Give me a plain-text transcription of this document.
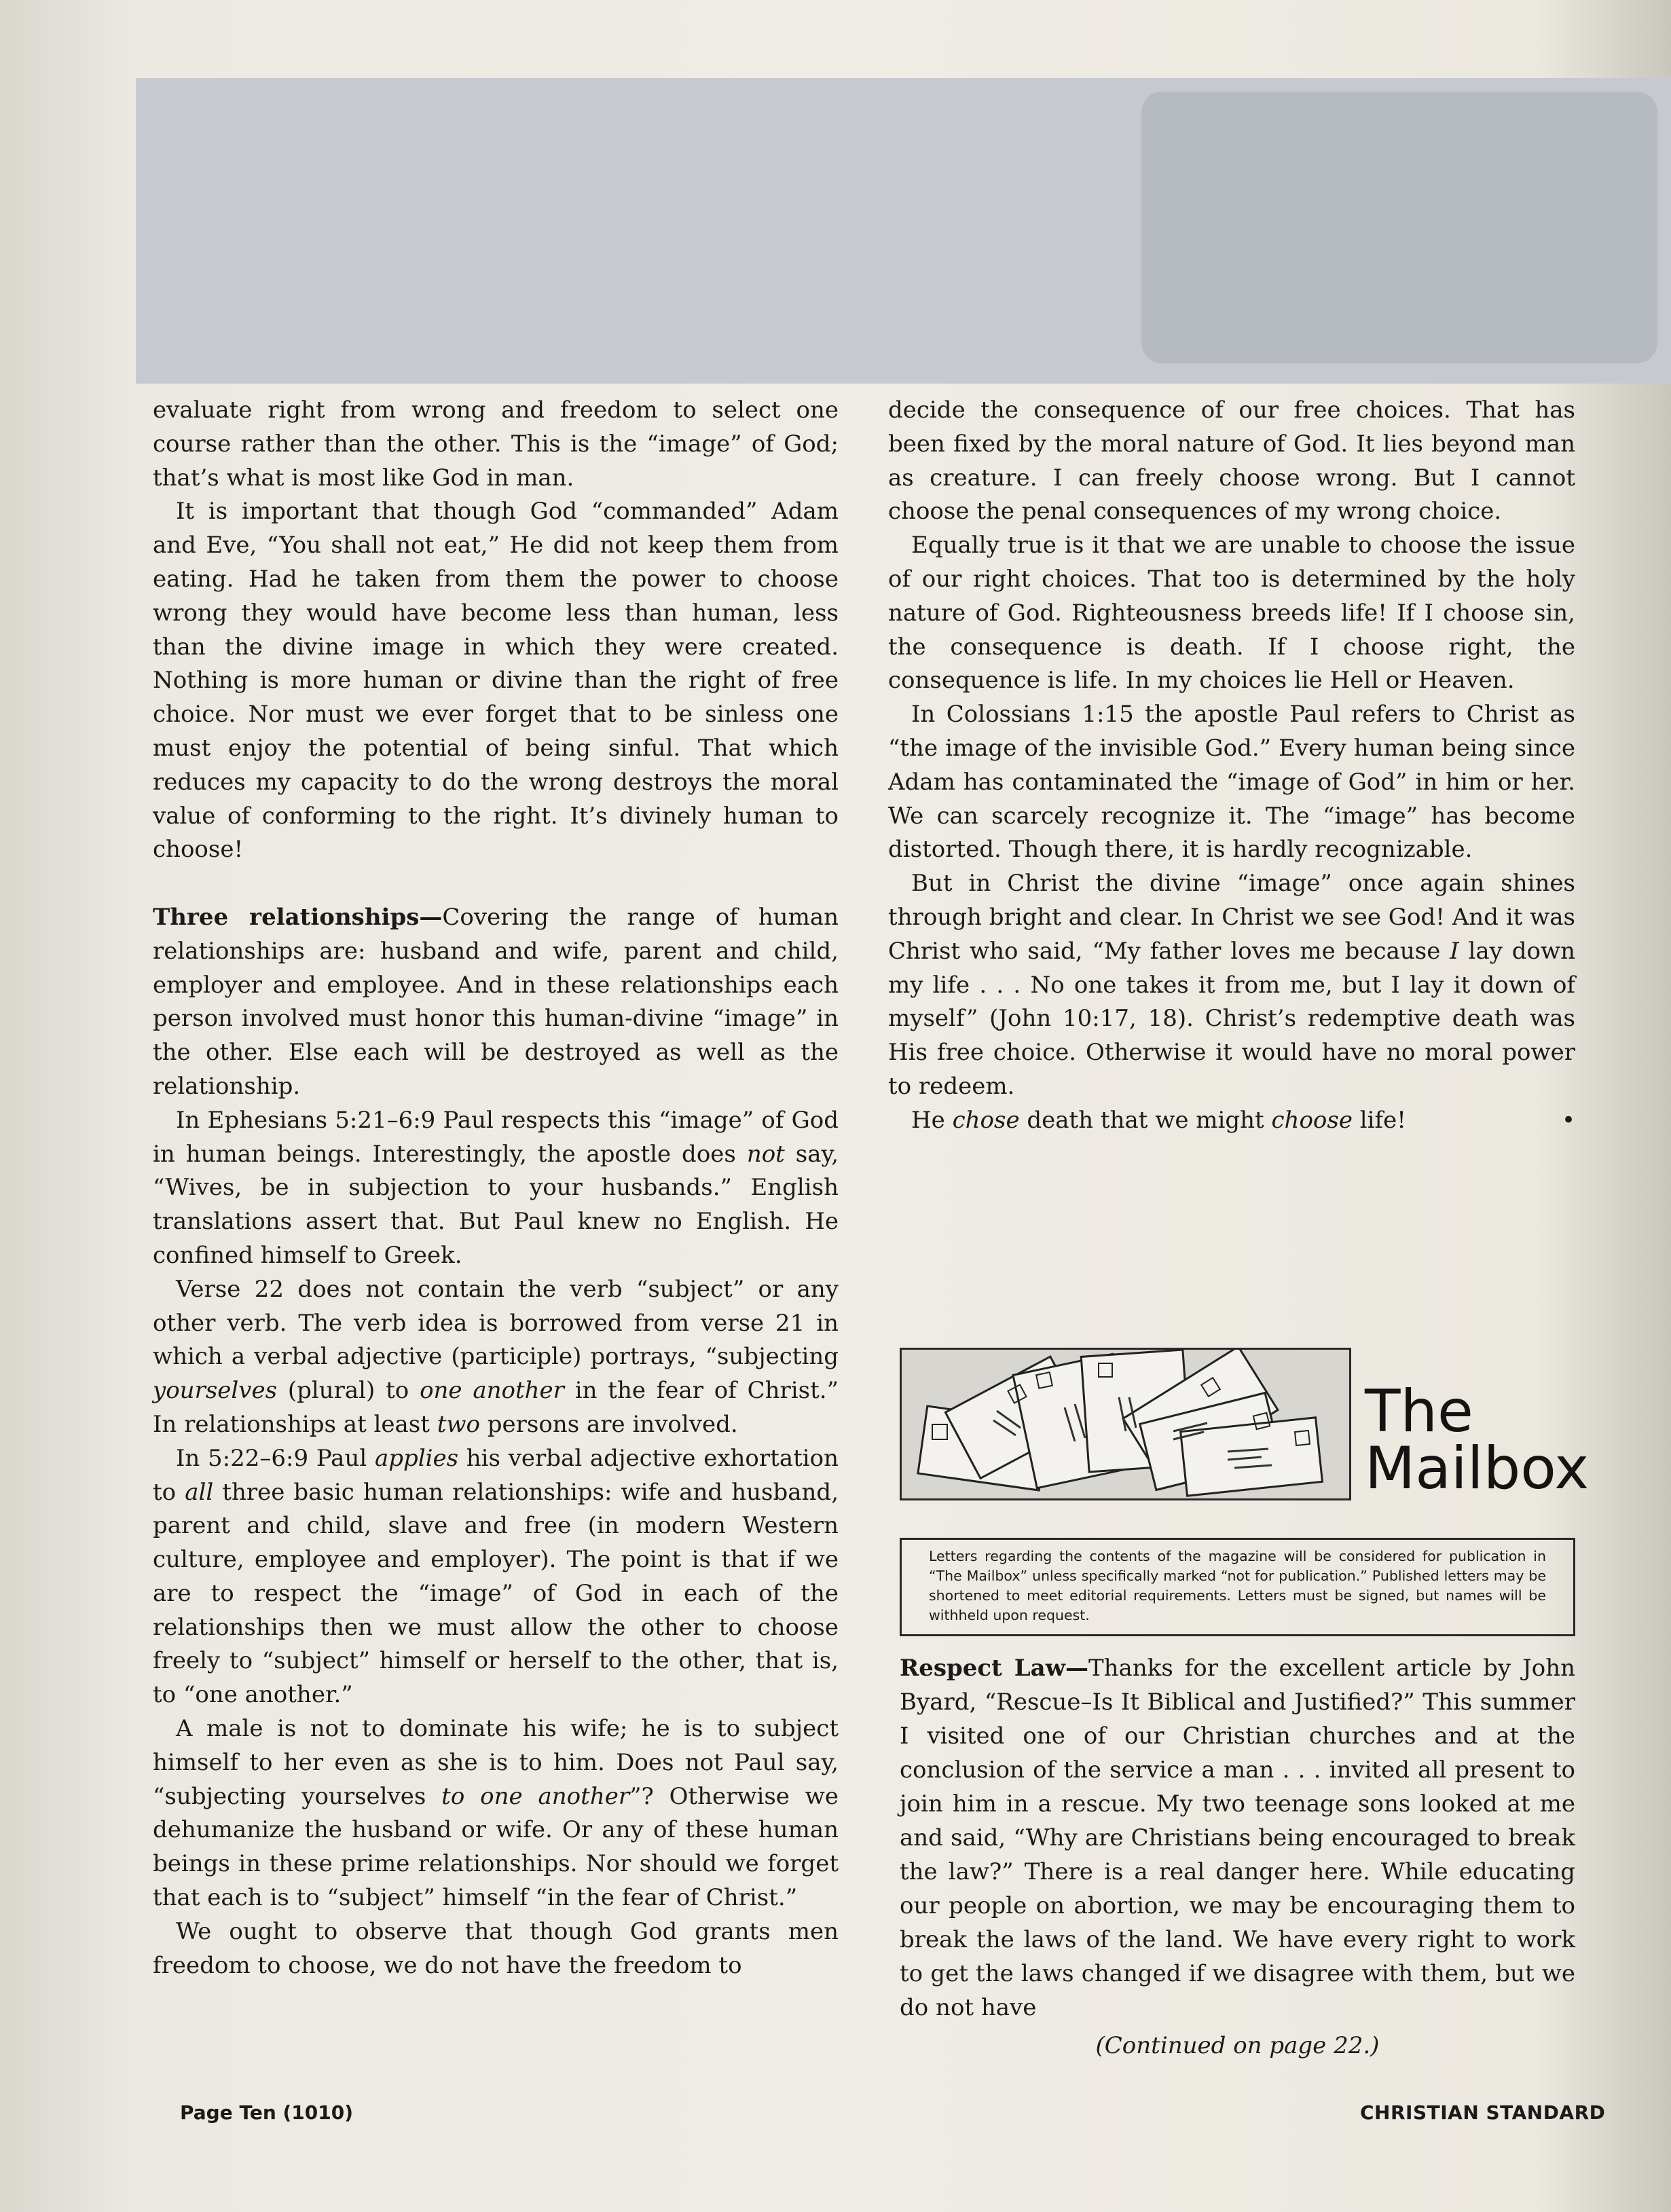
evaluate right from wrong and freedom to select one course rather than the other. This is the “image” of God; that’s what is most like God in man.

It is important that though God “commanded” Adam and Eve, “You shall not eat,” He did not keep them from eating. Had he taken from them the power to choose wrong they would have become less than human, less than the divine image in which they were created. Nothing is more human or divine than the right of free choice. Nor must we ever forget that to be sinless one must enjoy the potential of being sinful. That which reduces my capacity to do the wrong destroys the moral value of conforming to the right. It’s divinely human to choose!

Three relationships—Covering the range of human relationships are: husband and wife, parent and child, employer and employee. And in these relationships each person involved must honor this human-divine “image” in the other. Else each will be destroyed as well as the relationship.

In Ephesians 5:21–6:9 Paul respects this “image” of God in human beings. Interestingly, the apostle does not say, “Wives, be in subjection to your husbands.” English translations assert that. But Paul knew no English. He confined himself to Greek.

Verse 22 does not contain the verb “subject” or any other verb. The verb idea is borrowed from verse 21 in which a verbal adjective (participle) portrays, “subjecting yourselves (plural) to one another in the fear of Christ.” In relationships at least two persons are involved.

In 5:22–6:9 Paul applies his verbal adjective exhortation to all three basic human relationships: wife and husband, parent and child, slave and free (in modern Western culture, employee and employer). The point is that if we are to respect the “image” of God in each of the relationships then we must allow the other to choose freely to “subject” himself or herself to the other, that is, to “one another.”

A male is not to dominate his wife; he is to subject himself to her even as she is to him. Does not Paul say, “subjecting yourselves to one another”? Otherwise we dehumanize the husband or wife. Or any of these human beings in these prime relationships. Nor should we forget that each is to “subject” himself “in the fear of Christ.”

We ought to observe that though God grants men freedom to choose, we do not have the freedom to

decide the consequence of our free choices. That has been fixed by the moral nature of God. It lies beyond man as creature. I can freely choose wrong. But I cannot choose the penal consequences of my wrong choice.

Equally true is it that we are unable to choose the issue of our right choices. That too is determined by the holy nature of God. Righteousness breeds life! If I choose sin, the consequence is death. If I choose right, the consequence is life. In my choices lie Hell or Heaven.

In Colossians 1:15 the apostle Paul refers to Christ as “the image of the invisible God.” Every human being since Adam has contaminated the “image of God” in him or her. We can scarcely recognize it. The “image” has become distorted. Though there, it is hardly recognizable.

But in Christ the divine “image” once again shines through bright and clear. In Christ we see God! And it was Christ who said, “My father loves me because I lay down my life . . . No one takes it from me, but I lay it down of myself” (John 10:17, 18). Christ’s redemptive death was His free choice. Otherwise it would have no moral power to redeem.

He chose death that we might choose life!	•

The
Mailbox
Letters regarding the contents of the magazine will be considered for publication in “The Mailbox” unless specifically marked “not for publication.” Published letters may be shortened to meet editorial requirements. Letters must be signed, but names will be withheld upon request.

Respect Law—Thanks for the excellent article by John Byard, “Rescue–Is It Biblical and Justified?” This summer I visited one of our Christian churches and at the conclusion of the service a man . . . invited all present to join him in a rescue. My two teenage sons looked at me and said, “Why are Christians being encouraged to break the law?” There is a real danger here. While educating our people on abortion, we may be encouraging them to break the laws of the land. We have every right to work to get the laws changed if we disagree with them, but we do not have

(Continued on page 22.)
Page Ten (1010)	CHRISTIAN STANDARD
